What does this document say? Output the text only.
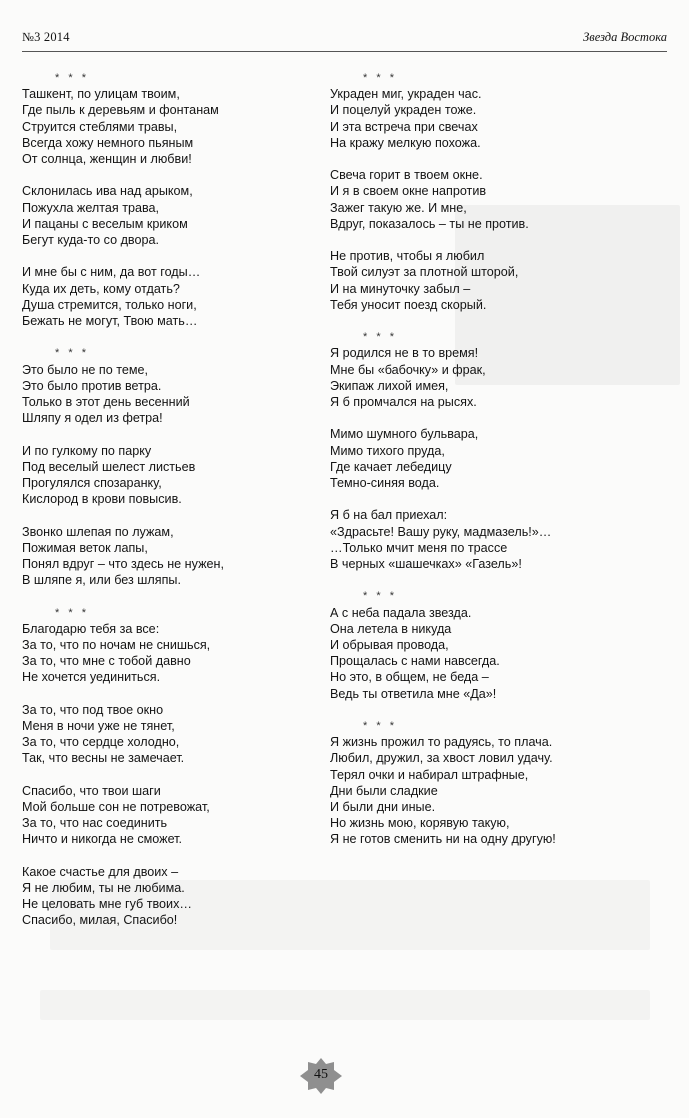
№3 2014	Звезда Востока
* * *
Ташкент, по улицам твоим,
Где пыль к деревьям и фонтанам
Струится стеблями травы,
Всегда хожу немного пьяным
От солнца, женщин и любви!
Склонилась ива над арыком,
Пожухла желтая трава,
И пацаны с веселым криком
Бегут куда-то со двора.
И мне бы с ним, да вот годы…
Куда их деть, кому отдать?
Душа стремится, только ноги,
Бежать не могут, Твою мать…
* * *
Это было не по теме,
Это было против ветра.
Только в этот день весенний
Шляпу я одел из фетра!
И по гулкому по парку
Под веселый шелест листьев
Прогулялся спозаранку,
Кислород в крови повысив.
Звонко шлепая по лужам,
Пожимая веток лапы,
Понял вдруг – что здесь не нужен,
В шляпе я, или без шляпы.
* * *
Благодарю тебя за все:
За то, что по ночам не снишься,
За то, что мне с тобой давно
Не хочется уединиться.
За то, что под твое окно
Меня в ночи уже не тянет,
За то, что сердце холодно,
Так, что весны не замечает.
Спасибо, что твои шаги
Мой больше сон не потревожат,
За то, что нас соединить
Ничто и никогда не сможет.
Какое счастье для двоих –
Я не любим, ты не любима.
Не целовать мне губ твоих…
Спасибо, милая, Спасибо!
* * *
Украден миг, украден час.
И поцелуй украден тоже.
И эта встреча при свечах
На кражу мелкую похожа.
Свеча горит в твоем окне.
И я в своем окне напротив
Зажег такую же. И мне,
Вдруг, показалось – ты не против.
Не против, чтобы я любил
Твой силуэт за плотной шторой,
И на минуточку забыл –
Тебя уносит поезд скорый.
* * *
Я родился не в то время!
Мне бы «бабочку» и фрак,
Экипаж лихой имея,
Я б промчался на рысях.
Мимо шумного бульвара,
Мимо тихого пруда,
Где качает лебедицу
Темно-синяя вода.
Я б на бал приехал:
«Здрасьте! Вашу руку, мадмазель!»…
…Только мчит меня по трассе
В черных «шашечках» «Газель»!
* * *
А с неба падала звезда.
Она летела в никуда
И обрывая провода,
Прощалась с нами навсегда.
Но это, в общем, не беда –
Ведь ты ответила мне «Да»!
* * *
Я жизнь прожил то радуясь, то плача.
Любил, дружил, за хвост ловил удачу.
Терял очки и набирал штрафные,
Дни были сладкие
И были дни иные.
Но жизнь мою, корявую такую,
Я не готов сменить ни на одну другую!
45
